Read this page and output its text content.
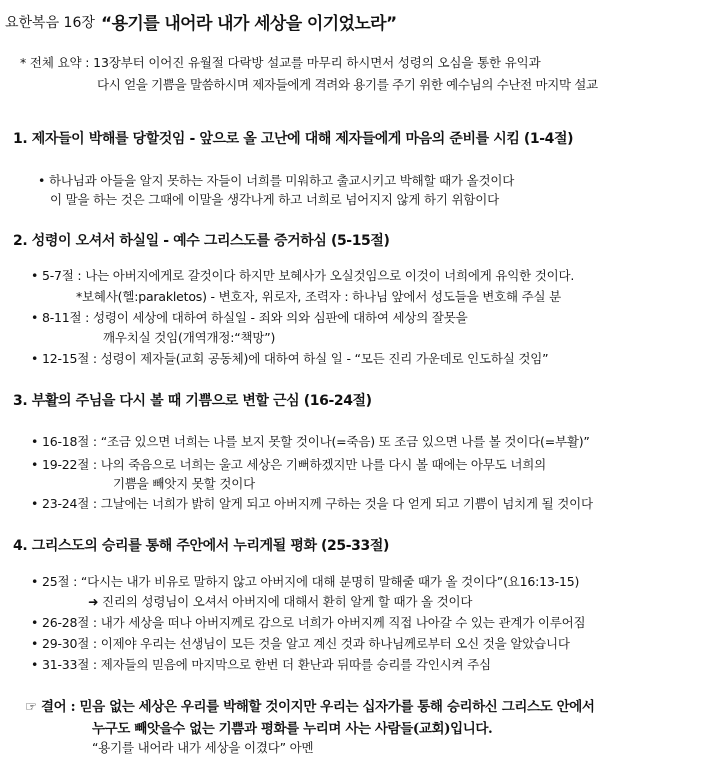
요한복음 16장 “용기를 내어라 내가 세상을 이기었노라”
* 전체 요약 : 13장부터 이어진 유월절 다락방 설교를 마무리 하시면서 성령의 오심을 통한 유익과
다시 얻을 기쁨을 말씀하시며 제자들에게 격려와 용기를 주기 위한 예수님의 수난전 마지막 설교
1. 제자들이 박해를 당할것임 - 앞으로 올 고난에 대해 제자들에게 마음의 준비를 시킴 (1-4절)
• 하나님과 아들을 알지 못하는 자들이 너희를 미워하고 출교시키고 박해할 때가 올것이다
이 말을 하는 것은 그때에 이말을 생각나게 하고 너희로 넘어지지 않게 하기 위함이다
2. 성령이 오셔서 하실일 - 예수 그리스도를 증거하심 (5-15절)
• 5-7절 : 나는 아버지에게로 갈것이다 하지만 보혜사가 오실것임으로 이것이 너희에게 유익한 것이다.
*보혜사(헬:parakletos) - 변호자, 위로자, 조력자 : 하나님 앞에서 성도들을 변호해 주실 분
• 8-11절 : 성령이 세상에 대하여 하실일 - 죄와 의와 심판에 대하여 세상의 잘못을
깨우치실 것임(개역개정:“책망”)
• 12-15절 : 성령이 제자들(교회 공동체)에 대하여 하실 일 - “모든 진리 가운데로 인도하실 것임”
3. 부활의 주님을 다시 볼 때 기쁨으로 변할 근심 (16-24절)
• 16-18절 : “조금 있으면 너희는 나를 보지 못할 것이나(=죽음) 또 조금 있으면 나를 볼 것이다(=부활)”
• 19-22절 : 나의 죽음으로 너희는 울고 세상은 기뻐하겠지만 나를 다시 볼 때에는 아무도 너희의
기쁨을 빼앗지 못할 것이다
• 23-24절 : 그날에는 너희가 밝히 알게 되고 아버지께 구하는 것을 다 얻게 되고 기쁨이 넘치게 될 것이다
4. 그리스도의 승리를 통해 주안에서 누리게될 평화 (25-33절)
• 25절 : “다시는 내가 비유로 말하지 않고 아버지에 대해 분명히 말해줄 때가 올 것이다”(요16:13-15)
➜ 진리의 성령님이 오셔서 아버지에 대해서 환히 알게 할 때가 올 것이다
• 26-28절 : 내가 세상을 떠나 아버지께로 감으로 너희가 아버지께 직접 나아갈 수 있는 관계가 이루어짐
• 29-30절 : 이제야 우리는 선생님이 모든 것을 알고 계신 것과 하나님께로부터 오신 것을 알았습니다
• 31-33절 : 제자들의 믿음에 마지막으로 한번 더 환난과 뒤따를 승리를 각인시켜 주심
☞ 결어 : 믿음 없는 세상은 우리를 박해할 것이지만 우리는 십자가를 통해 승리하신 그리스도 안에서
누구도 빼앗을수 없는 기쁨과 평화를 누리며 사는 사람들(교회)입니다.
“용기를 내어라 내가 세상을 이겼다” 아멘
